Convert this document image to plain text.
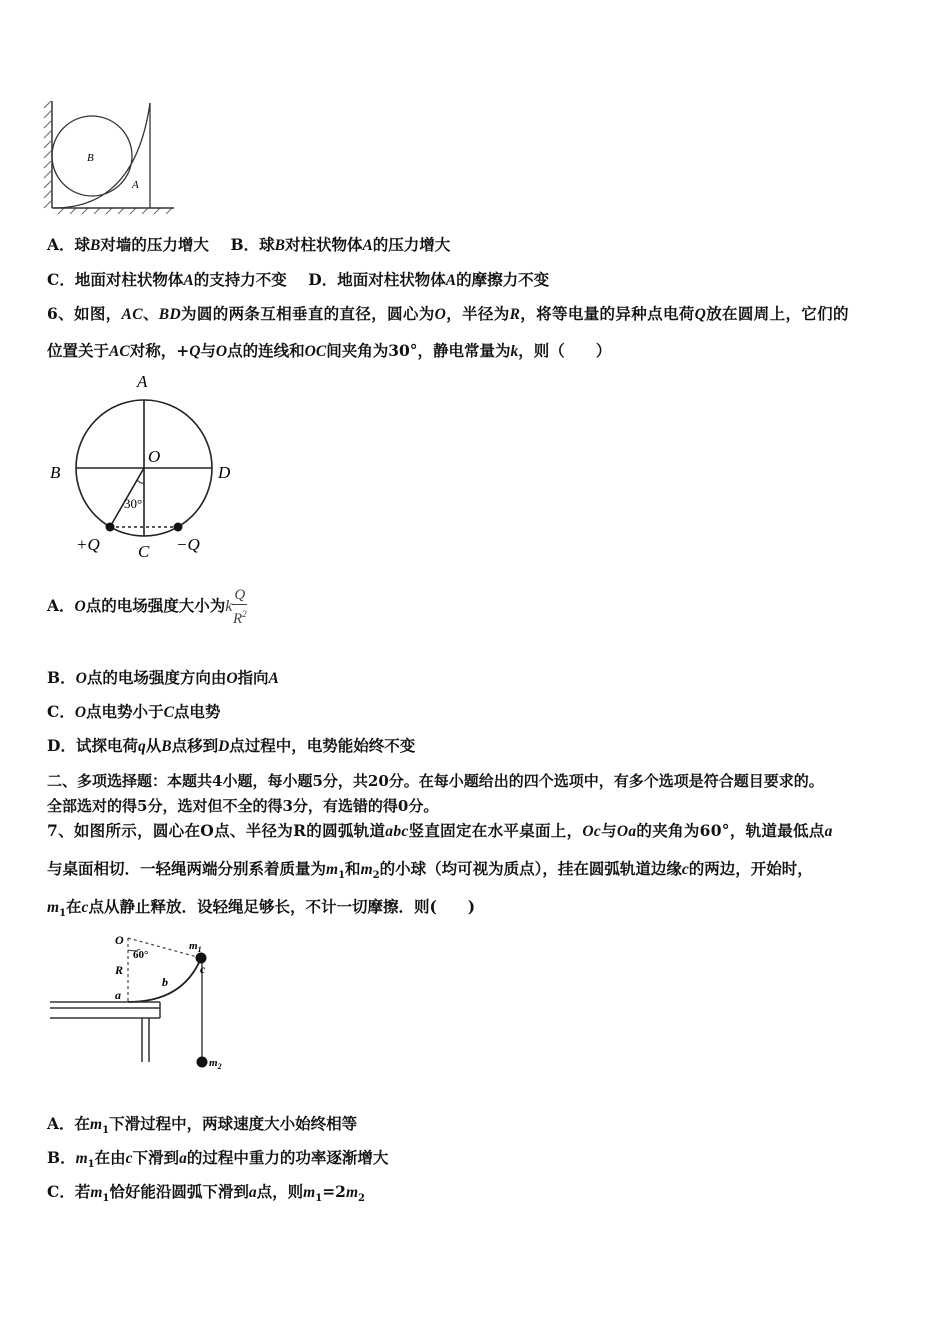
B
A
A．球B对墙的压力增大 B．球B对柱状物体A的压力增大
C．地面对柱状物体A的支持力不变 D．地面对柱状物体A的摩擦力不变
6、如图，AC、BD为圆的两条互相垂直的直径，圆心为O，半径为R，将等电量的异种点电荷Q放在圆周上，它们的
位置关于AC对称，+Q与O点的连线和OC间夹角为30°，静电常量为k，则（　　）
A
B	D
O
30°
+Q C −Q
A．O点的电场强度大小为k $\frac{Q}{R^2}$
B．O点的电场强度方向由O指向A
C．O点电势小于C点电势
D．试探电荷q从B点移到D点过程中，电势能始终不变
二、多项选择题：本题共4小题，每小题5分，共20分。在每小题给出的四个选项中，有多个选项是符合题目要求的。
全部选对的得5分，选对但不全的得3分，有选错的得0分。
7、如图所示，圆心在O点、半径为R的圆弧轨道abc竖直固定在水平桌面上，Oc与Oa的夹角为60°，轨道最低点a
与桌面相切．一轻绳两端分别系着质量为$m_1$和$m_2$的小球（均可视为质点），挂在圆弧轨道边缘c的两边，开始时，
$m_1$在c点从静止释放．设轻绳足够长，不计一切摩擦．则(　　)
O
60°
R
a
b
c
$m_1$
$m_2$
A．在$m_1$下滑过程中，两球速度大小始终相等
B．$m_1$在由c下滑到a的过程中重力的功率逐渐增大
C．若$m_1$恰好能沿圆弧下滑到a点，则$m_1=2m_2$
